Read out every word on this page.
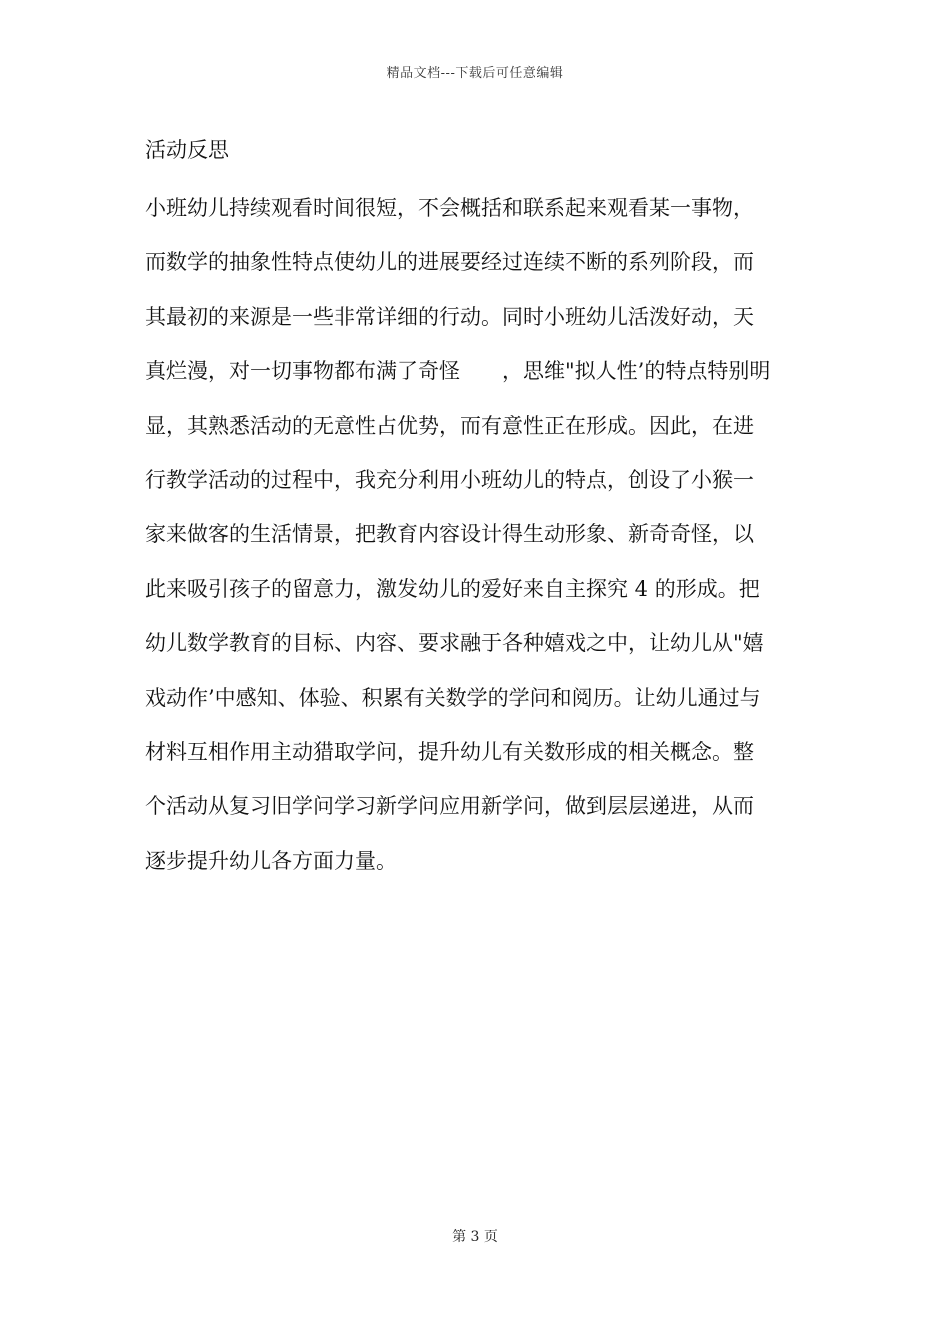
精品文档---下载后可任意编辑
活动反思
小班幼儿持续观看时间很短，不会概括和联系起来观看某一事物，
而数学的抽象性特点使幼儿的进展要经过连续不断的系列阶段，而
其最初的来源是一些非常详细的行动。同时小班幼儿活泼好动，天
真烂漫，对一切事物都布满了奇怪　　，思维"拟人性’的特点特别明
显，其熟悉活动的无意性占优势，而有意性正在形成。因此，在进
行教学活动的过程中，我充分利用小班幼儿的特点，创设了小猴一
家来做客的生活情景，把教育内容设计得生动形象、新奇奇怪，以
此来吸引孩子的留意力，激发幼儿的爱好来自主探究 4 的形成。把
幼儿数学教育的目标、内容、要求融于各种嬉戏之中，让幼儿从"嬉
戏动作’中感知、体验、积累有关数学的学问和阅历。让幼儿通过与
材料互相作用主动猎取学问，提升幼儿有关数形成的相关概念。整
个活动从复习旧学问学习新学问应用新学问，做到层层递进，从而
逐步提升幼儿各方面力量。
第 3 页
